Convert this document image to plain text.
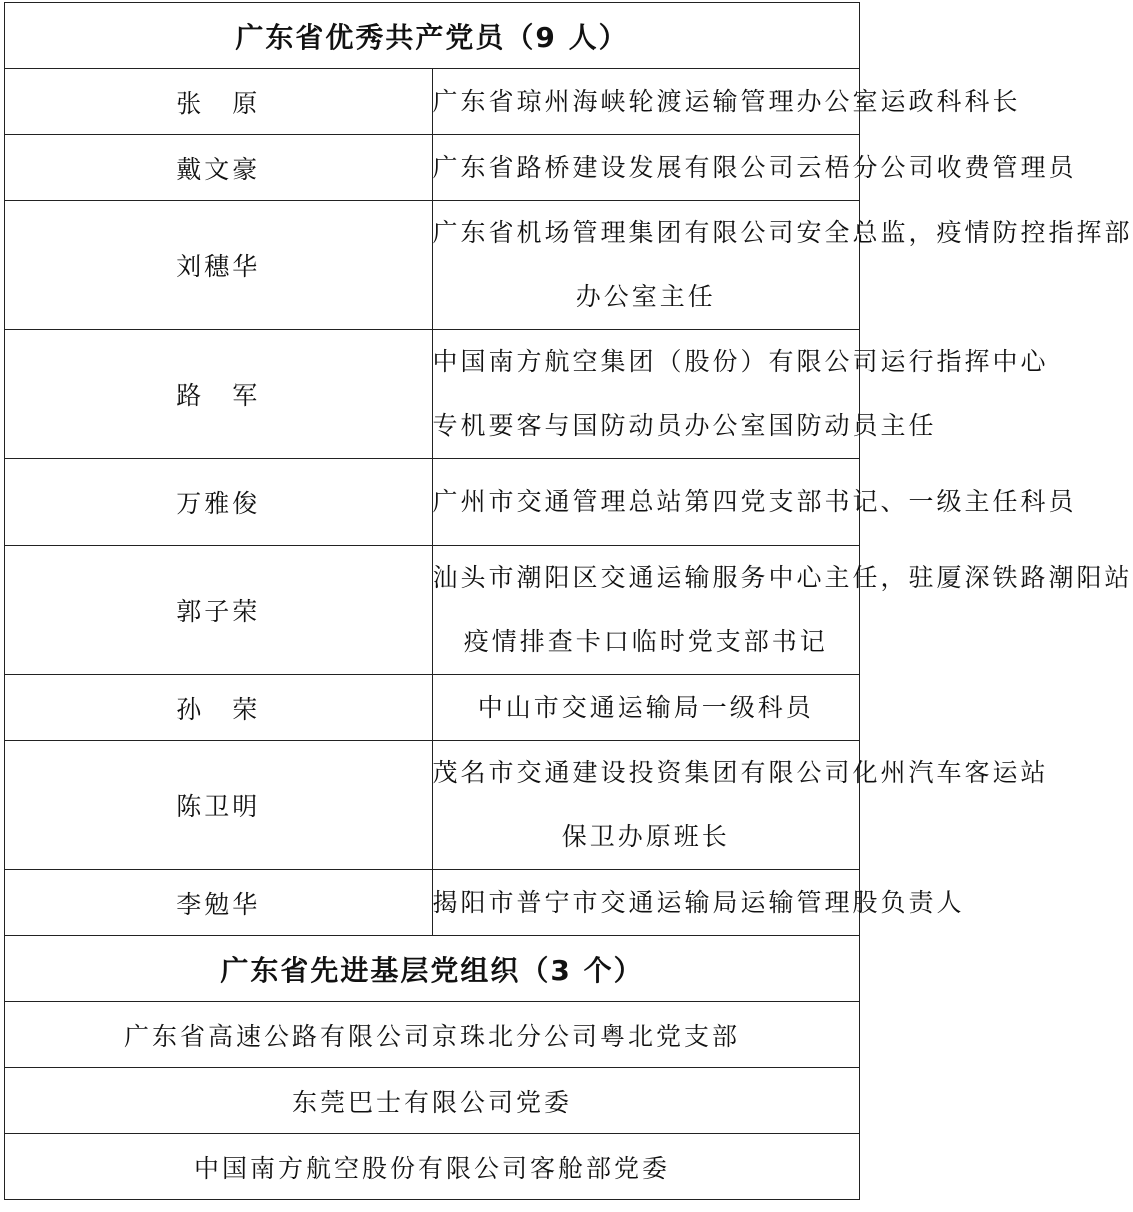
广东省优秀共产党员（9 人）	
张　原	广东省琼州海峡轮渡运输管理办公室运政科科长

戴文豪	广东省路桥建设发展有限公司云梧分公司收费管理员

刘穗华	广东省机场管理集团有限公司安全总监，疫情防控指挥部
办公室主任

路　军	中国南方航空集团（股份）有限公司运行指挥中心
专机要客与国防动员办公室国防动员主任

万雅俊	广州市交通管理总站第四党支部书记、一级主任科员

郭子荣	汕头市潮阳区交通运输服务中心主任，驻厦深铁路潮阳站
疫情排查卡口临时党支部书记

孙　荣	中山市交通运输局一级科员

陈卫明	茂名市交通建设投资集团有限公司化州汽车客运站
保卫办原班长

李勉华	揭阳市普宁市交通运输局运输管理股负责人

广东省先进基层党组织（3 个）	
广东省高速公路有限公司京珠北分公司粤北党支部	
东莞巴士有限公司党委	
中国南方航空股份有限公司客舱部党委	
